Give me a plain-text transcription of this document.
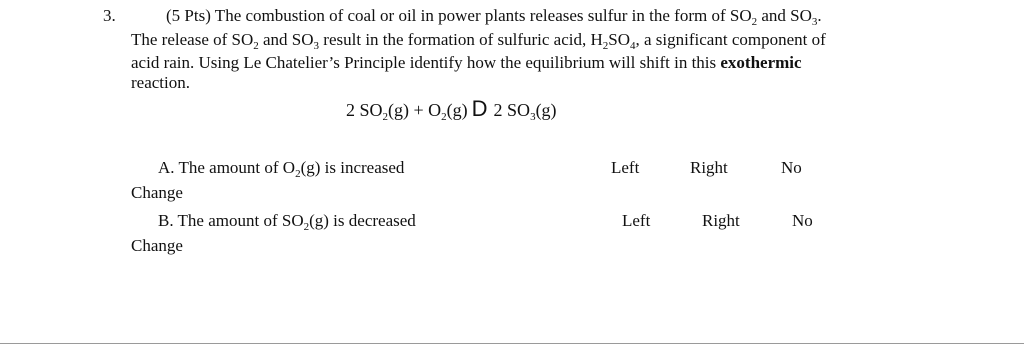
3.	(5 Pts) The combustion of coal or oil in power plants releases sulfur in the form of $SO_2$ and $SO_3$.
The release of $SO_2$ and $SO_3$ result in the formation of sulfuric acid, $H_2SO_4$, a significant component of
acid rain. Using Le Chatelier’s Principle identify how the equilibrium will shift in this exothermic
reaction.
2 $SO_2(g) + O_2(g)$ D 2 $SO_3(g)$
A. The amount of $O_2(g)$ is increased	Left	Right	No
Change
B. The amount of $SO_2(g)$ is decreased	Left	Right	No
Change
